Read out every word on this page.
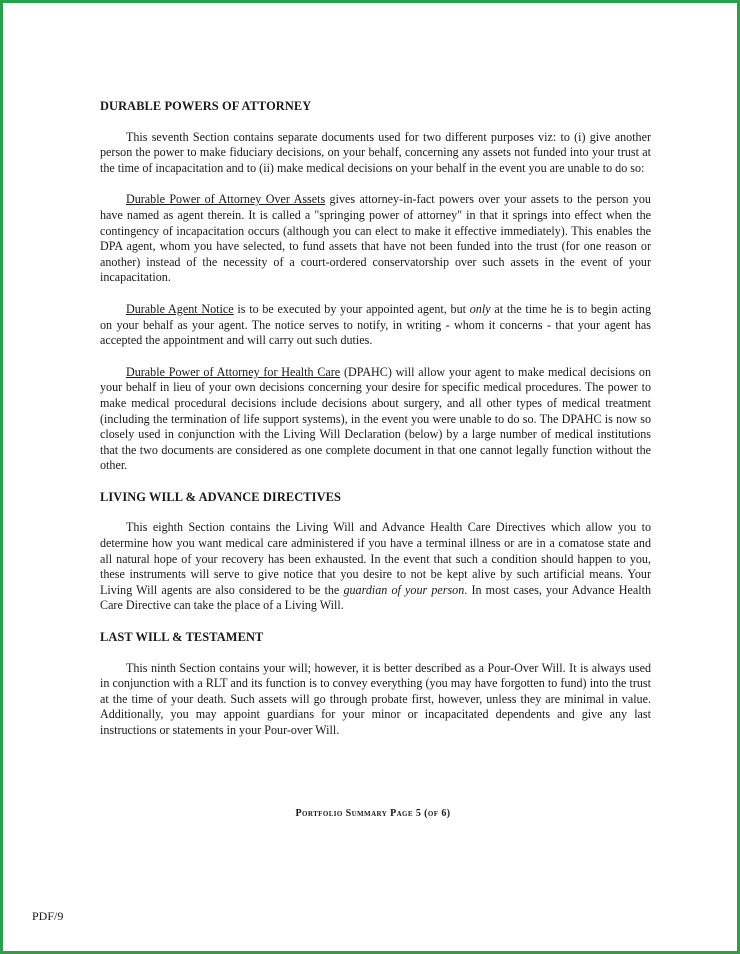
DURABLE POWERS OF ATTORNEY

This seventh Section contains separate documents used for two different purposes viz: to (i) give another person the power to make fiduciary decisions, on your behalf, concerning any assets not funded into your trust at the time of incapacitation and to (ii) make medical decisions on your behalf in the event you are unable to do so:

Durable Power of Attorney Over Assets gives attorney-in-fact powers over your assets to the person you have named as agent therein. It is called a "springing power of attorney" in that it springs into effect when the contingency of incapacitation occurs (although you can elect to make it effective immediately). This enables the DPA agent, whom you have selected, to fund assets that have not been funded into the trust (for one reason or another) instead of the necessity of a court-ordered conservatorship over such assets in the event of your incapacitation.

Durable Agent Notice is to be executed by your appointed agent, but only at the time he is to begin acting on your behalf as your agent. The notice serves to notify, in writing - whom it concerns - that your agent has accepted the appointment and will carry out such duties.

Durable Power of Attorney for Health Care (DPAHC) will allow your agent to make medical decisions on your behalf in lieu of your own decisions concerning your desire for specific medical procedures. The power to make medical procedural decisions include decisions about surgery, and all other types of medical treatment (including the termination of life support systems), in the event you were unable to do so. The DPAHC is now so closely used in conjunction with the Living Will Declaration (below) by a large number of medical institutions that the two documents are considered as one complete document in that one cannot legally function without the other.

LIVING WILL & ADVANCE DIRECTIVES

This eighth Section contains the Living Will and Advance Health Care Directives which allow you to determine how you want medical care administered if you have a terminal illness or are in a comatose state and all natural hope of your recovery has been exhausted. In the event that such a condition should happen to you, these instruments will serve to give notice that you desire to not be kept alive by such artificial means. Your Living Will agents are also considered to be the guardian of your person. In most cases, your Advance Health Care Directive can take the place of a Living Will.

LAST WILL & TESTAMENT

This ninth Section contains your will; however, it is better described as a Pour-Over Will. It is always used in conjunction with a RLT and its function is to convey everything (you may have forgotten to fund) into the trust at the time of your death. Such assets will go through probate first, however, unless they are minimal in value. Additionally, you may appoint guardians for your minor or incapacitated dependents and give any last instructions or statements in your Pour-over Will.

Portfolio Summary Page 5 (of 6)
PDF/9
